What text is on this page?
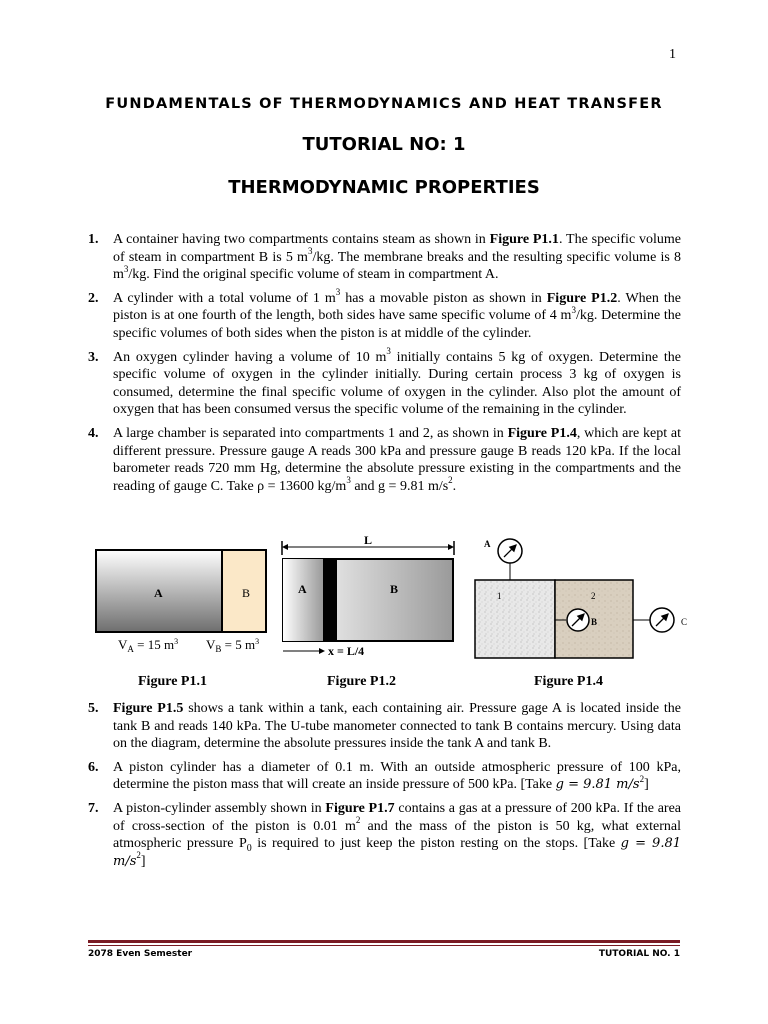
1
FUNDAMENTALS OF THERMODYNAMICS AND HEAT TRANSFER
TUTORIAL NO: 1
THERMODYNAMIC PROPERTIES
1. A container having two compartments contains steam as shown in Figure P1.1. The specific volume of steam in compartment B is 5 $m^3/kg$. The membrane breaks and the resulting specific volume is 8 $m^3/kg$. Find the original specific volume of steam in compartment A.
2. A cylinder with a total volume of 1 $m^3$ has a movable piston as shown in Figure P1.2. When the piston is at one fourth of the length, both sides have same specific volume of 4 $m^3/kg$. Determine the specific volumes of both sides when the piston is at middle of the cylinder.
3. An oxygen cylinder having a volume of 10 $m^3$ initially contains 5 kg of oxygen. Determine the specific volume of oxygen in the cylinder initially. During certain process 3 kg of oxygen is consumed, determine the final specific volume of oxygen in the cylinder. Also plot the amount of oxygen that has been consumed versus the specific volume of the remaining in the cylinder.
4. A large chamber is separated into compartments 1 and 2, as shown in Figure P1.4, which are kept at different pressure. Pressure gauge A reads 300 kPa and pressure gauge B reads 120 kPa. If the local barometer reads 720 mm Hg, determine the absolute pressure existing in the compartments and the reading of gauge C. Take ρ = 13600 $kg/m^3$ and g = 9.81 $m/s^2$.
A	B
$V_A = 15$ $m^3$ $V_B = 5$ $m^3$
L
A	B
x = L/4
1	2
A
B	C
Figure P1.1	Figure P1.2	Figure P1.4
5. Figure P1.5 shows a tank within a tank, each containing air. Pressure gage A is located inside the tank B and reads 140 kPa. The U-tube manometer connected to tank B contains mercury. Using data on the diagram, determine the absolute pressures inside the tank A and tank B.
6. A piston cylinder has a diameter of 0.1 m. With an outside atmospheric pressure of 100 kPa, determine the piston mass that will create an inside pressure of 500 kPa. [Take g = 9.81 $m/s^2$]
7. A piston-cylinder assembly shown in Figure P1.7 contains a gas at a pressure of 200 kPa. If the area of cross-section of the piston is 0.01 $m^2$ and the mass of the piston is 50 kg, what external atmospheric pressure $P_0$ is required to just keep the piston resting on the stops. [Take g = 9.81 $m/s^2$]
2078 Even Semester	TUTORIAL NO. 1
